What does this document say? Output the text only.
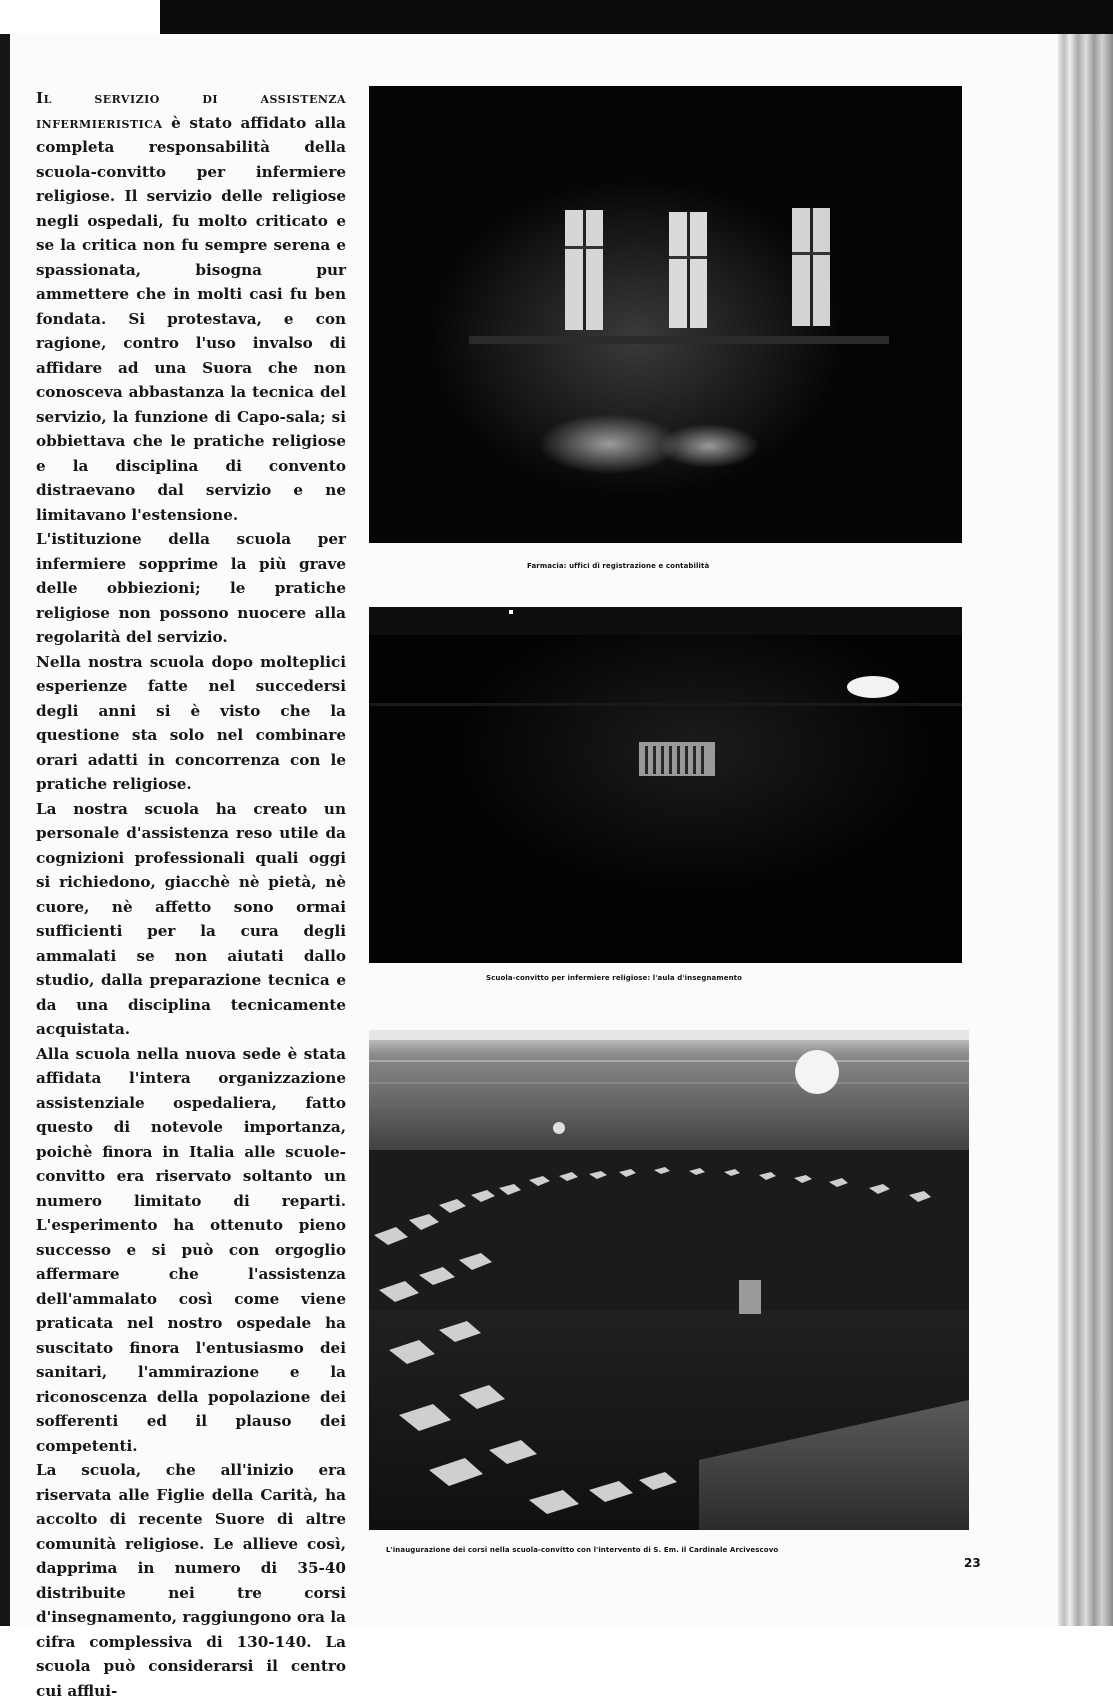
Il servizio di assistenza infermieristica è stato affidato alla completa responsabilità della scuola-convitto per infermiere religiose. Il servizio delle religiose negli ospedali, fu molto criticato e se la critica non fu sempre serena e spassionata, bisogna pur ammettere che in molti casi fu ben fondata. Si protestava, e con ragione, contro l'uso invalso di affidare ad una Suora che non conosceva abbastanza la tecnica del servizio, la funzione di Capo-sala; si obbiettava che le pratiche religiose e la disciplina di convento distraevano dal servizio e ne limitavano l'estensione.

L'istituzione della scuola per infermiere sopprime la più grave delle obbiezioni; le pratiche religiose non possono nuocere alla regolarità del servizio.

Nella nostra scuola dopo molteplici esperienze fatte nel succedersi degli anni si è visto che la questione sta solo nel combinare orari adatti in concorrenza con le pratiche religiose.

La nostra scuola ha creato un personale d'assistenza reso utile da cognizioni professionali quali oggi si richiedono, giacchè nè pietà, nè cuore, nè affetto sono ormai sufficienti per la cura degli ammalati se non aiutati dallo studio, dalla preparazione tecnica e da una disciplina tecnicamente acquistata.

Alla scuola nella nuova sede è stata affidata l'intera organizzazione assistenziale ospedaliera, fatto questo di notevole importanza, poichè finora in Italia alle scuole-convitto era riservato soltanto un numero limitato di reparti. L'esperimento ha ottenuto pieno successo e si può con orgoglio affermare che l'assistenza dell'ammalato così come viene praticata nel nostro ospedale ha suscitato finora l'entusiasmo dei sanitari, l'ammirazione e la riconoscenza della popolazione dei sofferenti ed il plauso dei competenti.

La scuola, che all'inizio era riservata alle Figlie della Carità, ha accolto di recente Suore di altre comunità religiose. Le allieve così, dapprima in numero di 35-40 distribuite nei tre corsi d'insegnamento, raggiungono ora la cifra complessiva di 130-140. La scuola può considerarsi il centro cui afflui-

Farmacia: uffici di registrazione e contabilità
Scuola-convitto per infermiere religiose: l'aula d'insegnamento
L'inaugurazione dei corsi nella scuola-convitto con l'intervento di S. Em. il Cardinale Arcivescovo
23
